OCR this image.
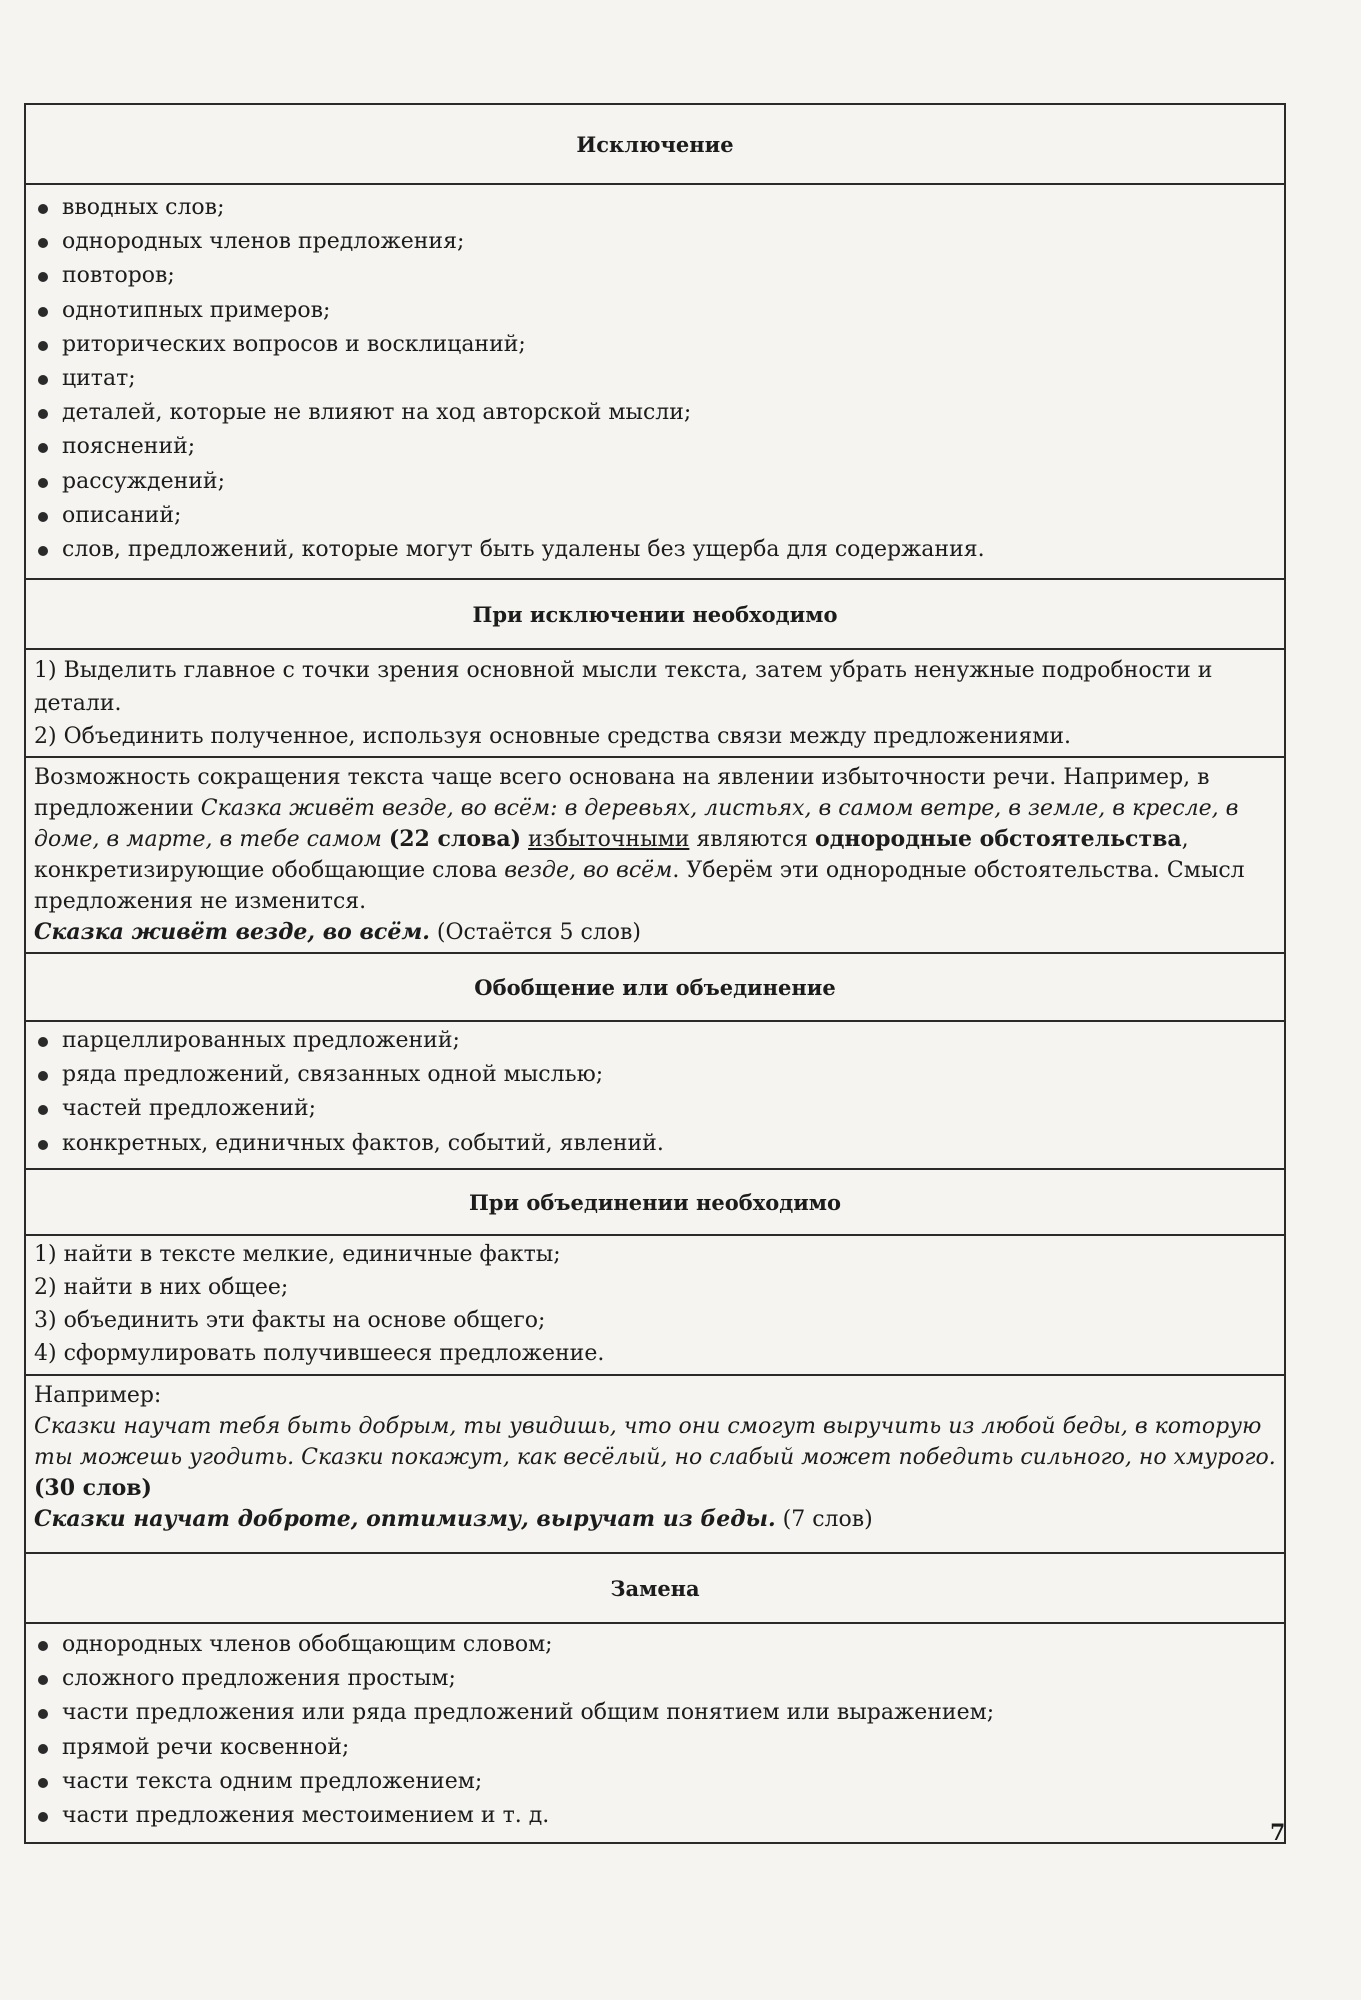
Исключение
вводных слов;
однородных членов предложения;
повторов;
однотипных примеров;
риторических вопросов и восклицаний;
цитат;
деталей, которые не влияют на ход авторской мысли;
пояснений;
рассуждений;
описаний;
слов, предложений, которые могут быть удалены без ущерба для содержания.
При исключении необходимо
1) Выделить главное с точки зрения основной мысли текста, затем убрать ненужные подробности и детали.
2) Объединить полученное, используя основные средства связи между предложениями.

Возможность сокращения текста чаще всего основана на явлении избыточности речи. Например, в предложении Сказка живёт везде, во всём: в деревьях, листьях, в самом ветре, в земле, в кресле, в доме, в марте, в тебе самом (22 слова) избыточными являются однородные обстоятельства, конкретизирующие обобщающие слова везде, во всём. Уберём эти однородные обстоятельства. Смысл предложения не изменится.

Сказка живёт везде, во всём. (Остаётся 5 слов)

Обобщение или объединение
парцеллированных предложений;
ряда предложений, связанных одной мыслью;
частей предложений;
конкретных, единичных фактов, событий, явлений.
При объединении необходимо
1) найти в тексте мелкие, единичные факты;
2) найти в них общее;
3) объединить эти факты на основе общего;
4) сформулировать получившееся предложение.

Например:

Сказки научат тебя быть добрым, ты увидишь, что они смогут выручить из любой беды, в которую ты можешь угодить. Сказки покажут, как весёлый, но слабый может победить сильного, но хмурого. (30 слов)

Сказки научат доброте, оптимизму, выручат из беды. (7 слов)

Замена
однородных членов обобщающим словом;
сложного предложения простым;
части предложения или ряда предложений общим понятием или выражением;
прямой речи косвенной;
части текста одним предложением;
части предложения местоимением и т. д.
7
